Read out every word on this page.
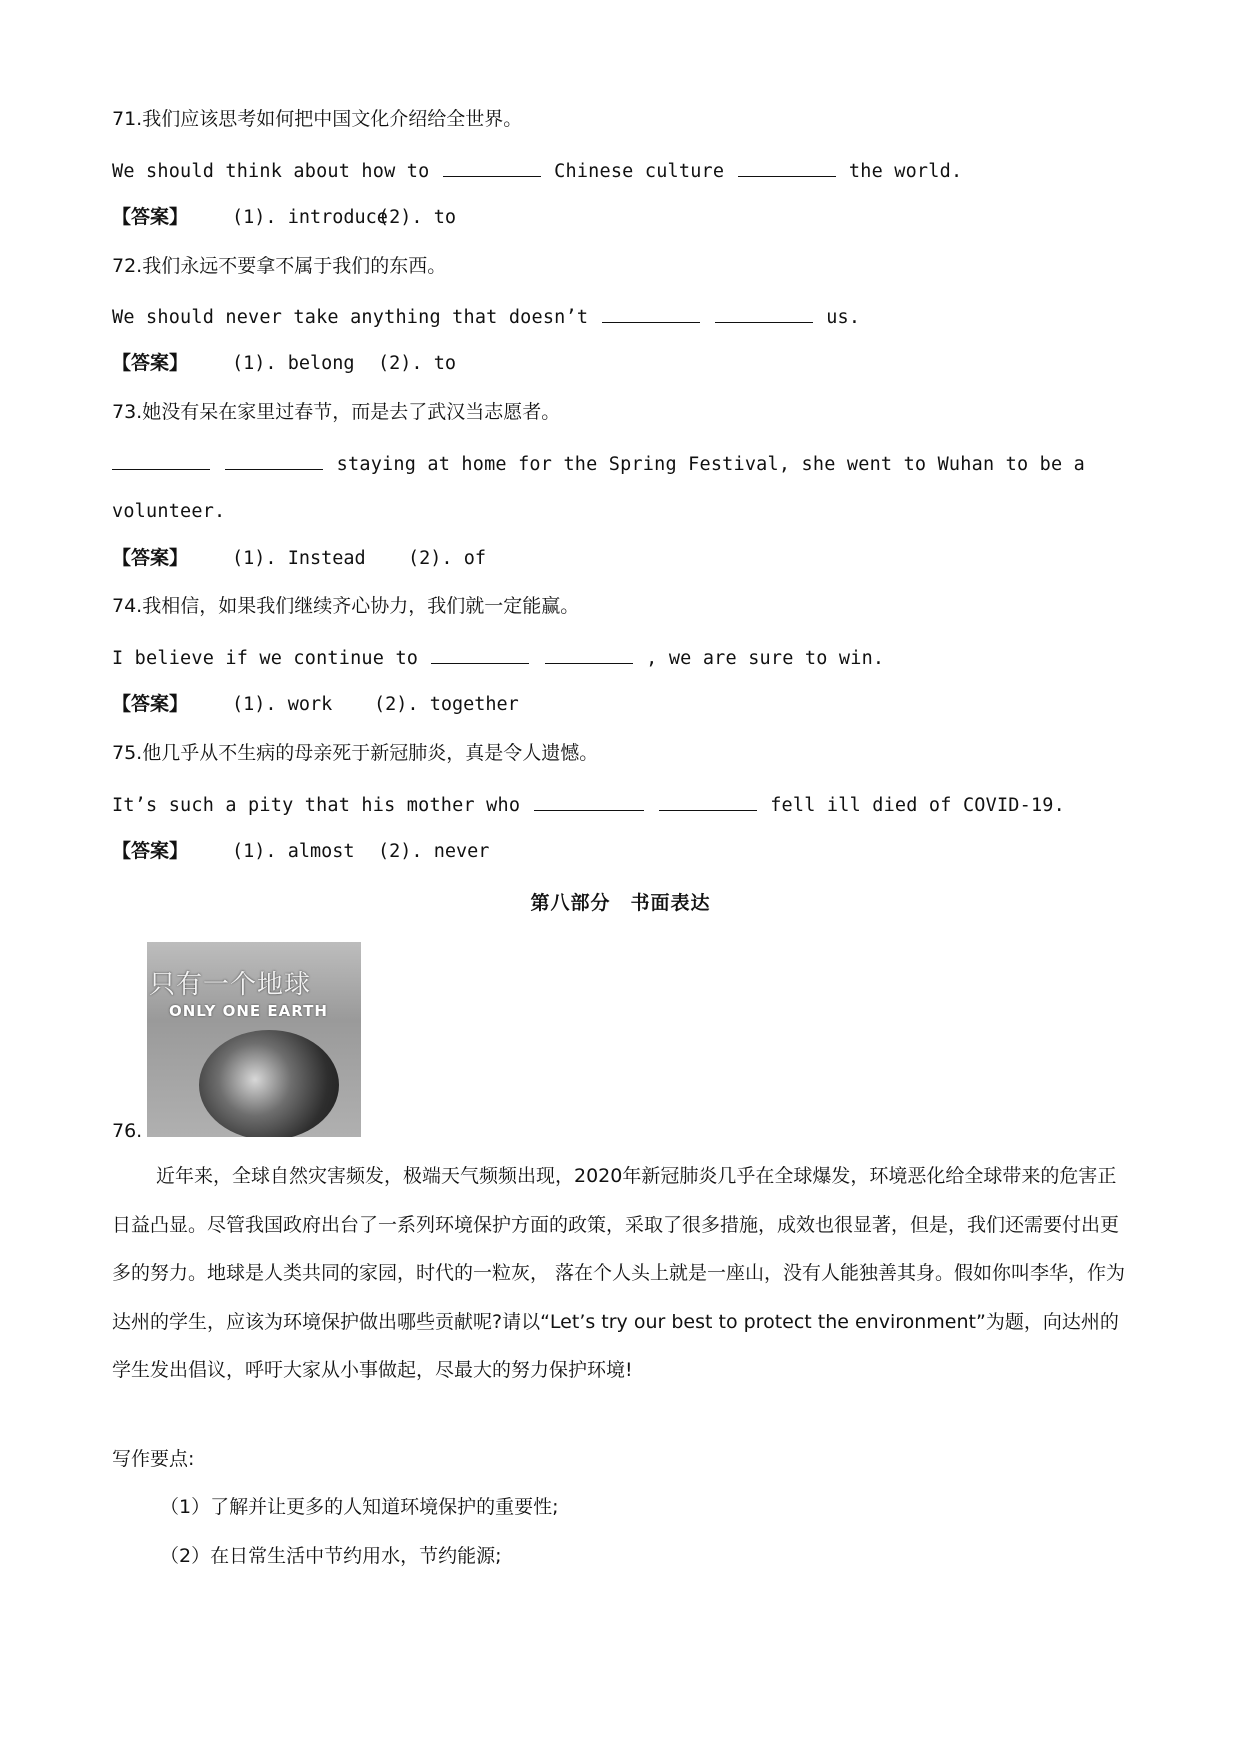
71.我们应该思考如何把中国文化介绍给全世界。
We should think about how to	Chinese culture	the world.
【答案】 (1). introduce(2). to
72.我们永远不要拿不属于我们的东西。
We should never take anything that doesn’t	us.
【答案】 (1). belong (2). to
73.她没有呆在家里过春节，而是去了武汉当志愿者。
staying at home for the Spring Festival, she went to Wuhan to be a
volunteer.
【答案】 (1). Instead (2). of
74.我相信，如果我们继续齐心协力，我们就一定能赢。
I believe if we continue to	, we are sure to win.
【答案】 (1). work (2). together
75.他几乎从不生病的母亲死于新冠肺炎，真是令人遗憾。
It’s such a pity that his mother who	fell ill died of COVID-19.
【答案】 (1). almost (2). never
第八部分　书面表达
只有一个地球
ONLY ONE EARTH
76.
近年来，全球自然灾害频发，极端天气频频出现，2020年新冠肺炎几乎在全球爆发，环境恶化给全球带来的危害正日益凸显。尽管我国政府出台了一系列环境保护方面的政策，采取了很多措施，成效也很显著，但是，我们还需要付出更多的努力。地球是人类共同的家园，时代的一粒灰， 落在个人头上就是一座山，没有人能独善其身。假如你叫李华，作为达州的学生，应该为环境保护做出哪些贡献呢?请以“Let’s try our best to protect the environment”为题，向达州的学生发出倡议，呼吁大家从小事做起，尽最大的努力保护环境!
写作要点:
（1）了解并让更多的人知道环境保护的重要性;
（2）在日常生活中节约用水，节约能源;
